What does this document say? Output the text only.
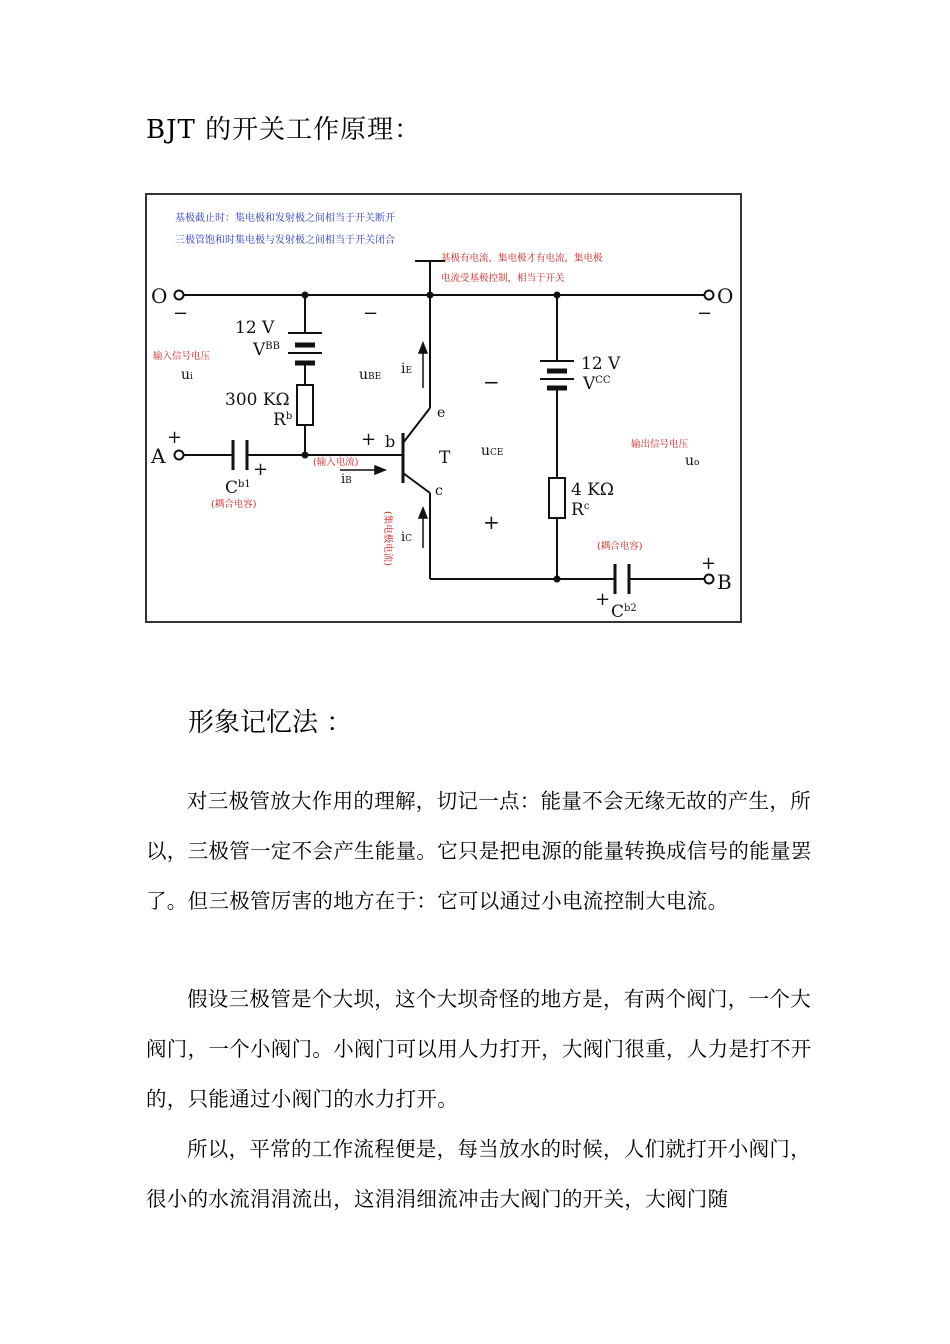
BJT 的开关工作原理：
基极截止时：集电极和发射极之间相当于开关断开
三极管饱和时集电极与发射极之间相当于开关闭合
基极有电流，集电极才有电流，集电极
电流受基极控制，相当于开关
输入信号电压
(输入电流)
(耦合电容)
输出信号电压
(耦合电容)
(集电极电流)
O	O
−	−
−
12 V
$V^{BB}$
300 KΩ
$R^b$
ui	uBE iE
e
b
c
T uCE
−
+
12 V
$V^{CC}$
4 KΩ
$R^c$
uo
A
+
+
+
$C^{b1}$	iB
iC
B
+
+
$C^{b2}$
形象记忆法 ：

对三极管放大作用的理解，切记一点：能量不会无缘无故的产生，所以，三极管一定不会产生能量。它只是把电源的能量转换成信号的能量罢了。但三极管厉害的地方在于：它可以通过小电流控制大电流。

假设三极管是个大坝，这个大坝奇怪的地方是，有两个阀门，一个大阀门，一个小阀门。小阀门可以用人力打开，大阀门很重，人力是打不开的，只能通过小阀门的水力打开。

所以，平常的工作流程便是，每当放水的时候，人们就打开小阀门，很小的水流涓涓流出，这涓涓细流冲击大阀门的开关，大阀门随
